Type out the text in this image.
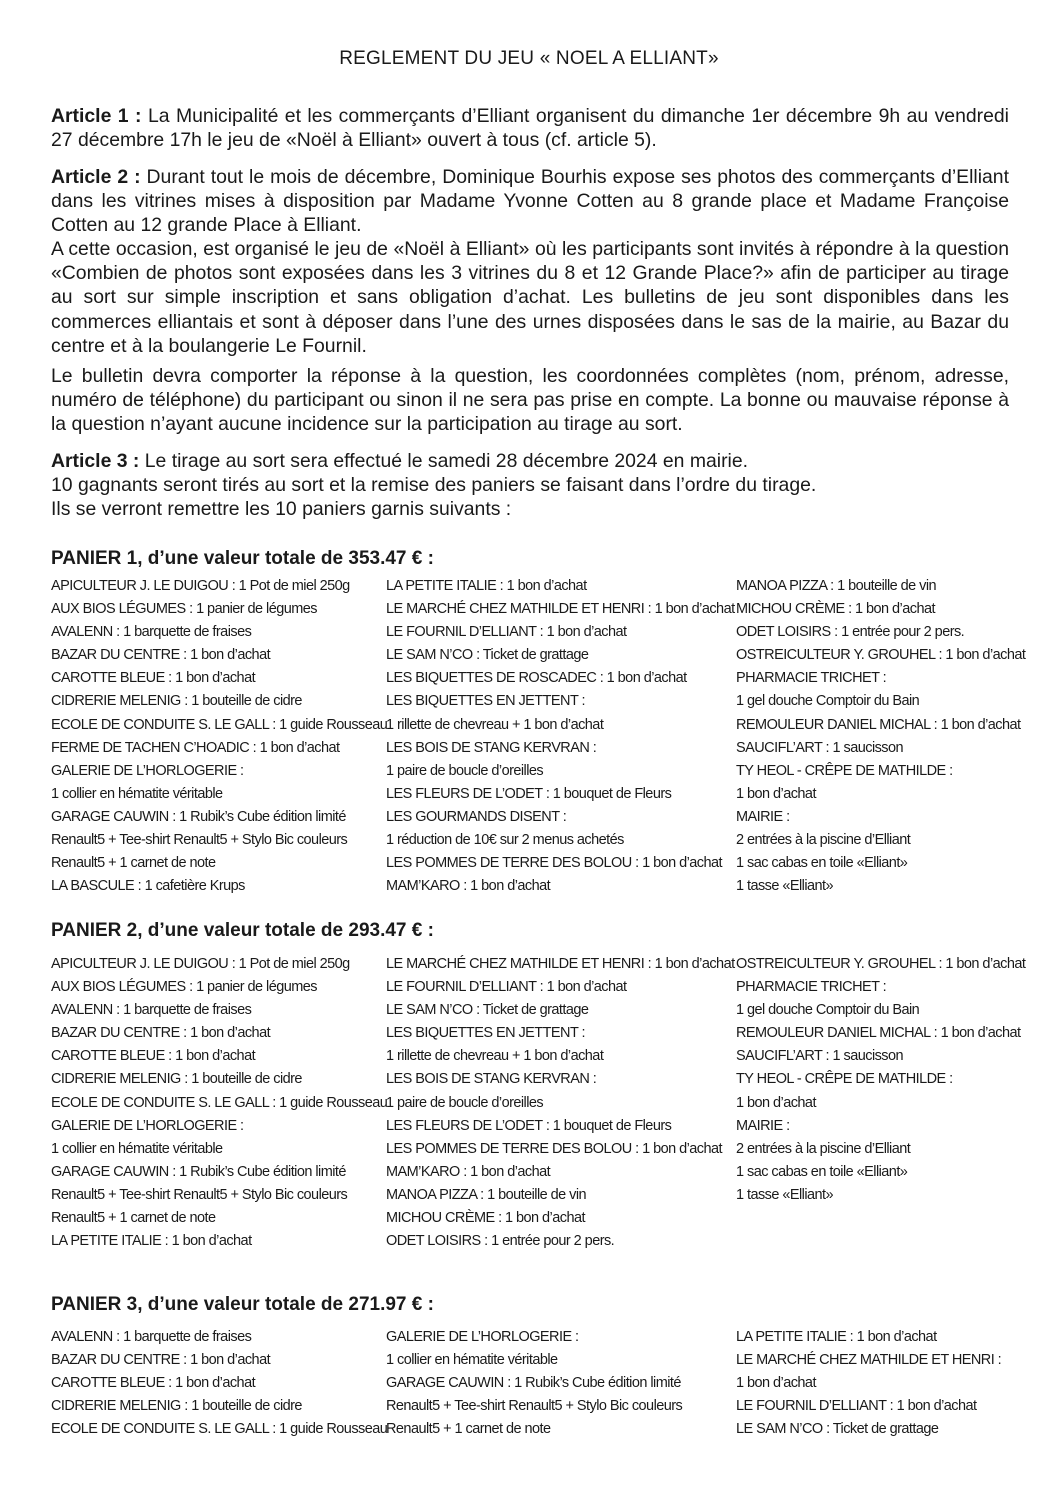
REGLEMENT DU JEU « NOEL A ELLIANT»

Article 1 : La Municipalité et les commerçants d’Elliant organisent du dimanche 1er décembre 9h au vendredi 27 décembre 17h le jeu de «Noël à Elliant» ouvert à tous (cf. article 5).

Article 2 : Durant tout le mois de décembre, Dominique Bourhis expose ses photos des commerçants d’Elliant dans les vitrines mises à disposition par Madame Yvonne Cotten au 8 grande place et Madame Françoise Cotten au 12 grande Place à Elliant.

A cette occasion, est organisé le jeu de «Noël à Elliant» où les participants sont invités à répondre à la question «Combien de photos sont exposées dans les 3 vitrines du 8 et 12 Grande Place?» afin de participer au tirage au sort sur simple inscription et sans obligation d’achat. Les bulletins de jeu sont disponibles dans les commerces elliantais et sont à déposer dans l’une des urnes disposées dans le sas de la mairie, au Bazar du centre et à la boulangerie Le Fournil.

Le bulletin devra comporter la réponse à la question, les coordonnées complètes (nom, prénom, adresse, numéro de téléphone) du participant ou sinon il ne sera pas prise en compte. La bonne ou mauvaise réponse à la question n’ayant aucune incidence sur la participation au tirage au sort.

Article 3 : Le tirage au sort sera effectué le samedi 28 décembre 2024 en mairie.

10 gagnants seront tirés au sort et la remise des paniers se faisant dans l’ordre du tirage.

Ils se verront remettre les 10 paniers garnis suivants :

PANIER 1, d’une valeur totale de 353.47 € :
APICULTEUR J. LE DUIGOU : 1 Pot de miel 250g
AUX BIOS LÉGUMES : 1 panier de légumes
AVALENN : 1 barquette de fraises
BAZAR DU CENTRE : 1 bon d’achat
CAROTTE BLEUE : 1 bon d’achat
CIDRERIE MELENIG : 1 bouteille de cidre
ECOLE DE CONDUITE S. LE GALL : 1 guide Rousseau
FERME DE TACHEN C’HOADIC : 1 bon d’achat
GALERIE DE L’HORLOGERIE :
1 collier en hématite véritable
GARAGE CAUWIN : 1 Rubik’s Cube édition limité
Renault5 + Tee-shirt Renault5 + Stylo Bic couleurs
Renault5 + 1 carnet de note
LA BASCULE : 1 cafetière Krups
LA PETITE ITALIE : 1 bon d’achat
LE MARCHÉ CHEZ MATHILDE ET HENRI : 1 bon d’achat
LE FOURNIL D’ELLIANT : 1 bon d’achat
LE SAM N’CO : Ticket de grattage
LES BIQUETTES DE ROSCADEC : 1 bon d’achat
LES BIQUETTES EN JETTENT :
1 rillette de chevreau + 1 bon d’achat
LES BOIS DE STANG KERVRAN :
1 paire de boucle d’oreilles
LES FLEURS DE L’ODET : 1 bouquet de Fleurs
LES GOURMANDS DISENT :
1 réduction de 10€ sur 2 menus achetés
LES POMMES DE TERRE DES BOLOU : 1 bon d’achat
MAM’KARO : 1 bon d’achat
MANOA PIZZA : 1 bouteille de vin
MICHOU CRÈME : 1 bon d’achat
ODET LOISIRS : 1 entrée pour 2 pers.
OSTREICULTEUR Y. GROUHEL : 1 bon d’achat
PHARMACIE TRICHET :
1 gel douche Comptoir du Bain
REMOULEUR DANIEL MICHAL : 1 bon d’achat
SAUCIFL’ART : 1 saucisson
TY HEOL - CRÊPE DE MATHILDE :
1 bon d’achat
MAIRIE :
2 entrées à la piscine d’Elliant
1 sac cabas en toile «Elliant»
1 tasse «Elliant»
PANIER 2, d’une valeur totale de 293.47 € :
APICULTEUR J. LE DUIGOU : 1 Pot de miel 250g
AUX BIOS LÉGUMES : 1 panier de légumes
AVALENN : 1 barquette de fraises
BAZAR DU CENTRE : 1 bon d’achat
CAROTTE BLEUE : 1 bon d’achat
CIDRERIE MELENIG : 1 bouteille de cidre
ECOLE DE CONDUITE S. LE GALL : 1 guide Rousseau
GALERIE DE L’HORLOGERIE :
1 collier en hématite véritable
GARAGE CAUWIN : 1 Rubik’s Cube édition limité
Renault5 + Tee-shirt Renault5 + Stylo Bic couleurs
Renault5 + 1 carnet de note
LA PETITE ITALIE : 1 bon d’achat
LE MARCHÉ CHEZ MATHILDE ET HENRI : 1 bon d’achat
LE FOURNIL D’ELLIANT : 1 bon d’achat
LE SAM N’CO : Ticket de grattage
LES BIQUETTES EN JETTENT :
1 rillette de chevreau + 1 bon d’achat
LES BOIS DE STANG KERVRAN :
1 paire de boucle d’oreilles
LES FLEURS DE L’ODET : 1 bouquet de Fleurs
LES POMMES DE TERRE DES BOLOU : 1 bon d’achat
MAM’KARO : 1 bon d’achat
MANOA PIZZA : 1 bouteille de vin
MICHOU CRÈME : 1 bon d’achat
ODET LOISIRS : 1 entrée pour 2 pers.
OSTREICULTEUR Y. GROUHEL : 1 bon d’achat
PHARMACIE TRICHET :
1 gel douche Comptoir du Bain
REMOULEUR DANIEL MICHAL : 1 bon d’achat
SAUCIFL’ART : 1 saucisson
TY HEOL - CRÊPE DE MATHILDE :
1 bon d’achat
MAIRIE :
2 entrées à la piscine d’Elliant
1 sac cabas en toile «Elliant»
1 tasse «Elliant»
PANIER 3, d’une valeur totale de 271.97 € :
AVALENN : 1 barquette de fraises
BAZAR DU CENTRE : 1 bon d’achat
CAROTTE BLEUE : 1 bon d’achat
CIDRERIE MELENIG : 1 bouteille de cidre
ECOLE DE CONDUITE S. LE GALL : 1 guide Rousseau
GALERIE DE L’HORLOGERIE :
1 collier en hématite véritable
GARAGE CAUWIN : 1 Rubik’s Cube édition limité
Renault5 + Tee-shirt Renault5 + Stylo Bic couleurs
Renault5 + 1 carnet de note
LA PETITE ITALIE : 1 bon d’achat
LE MARCHÉ CHEZ MATHILDE ET HENRI :
1 bon d’achat
LE FOURNIL D’ELLIANT : 1 bon d’achat
LE SAM N’CO : Ticket de grattage
